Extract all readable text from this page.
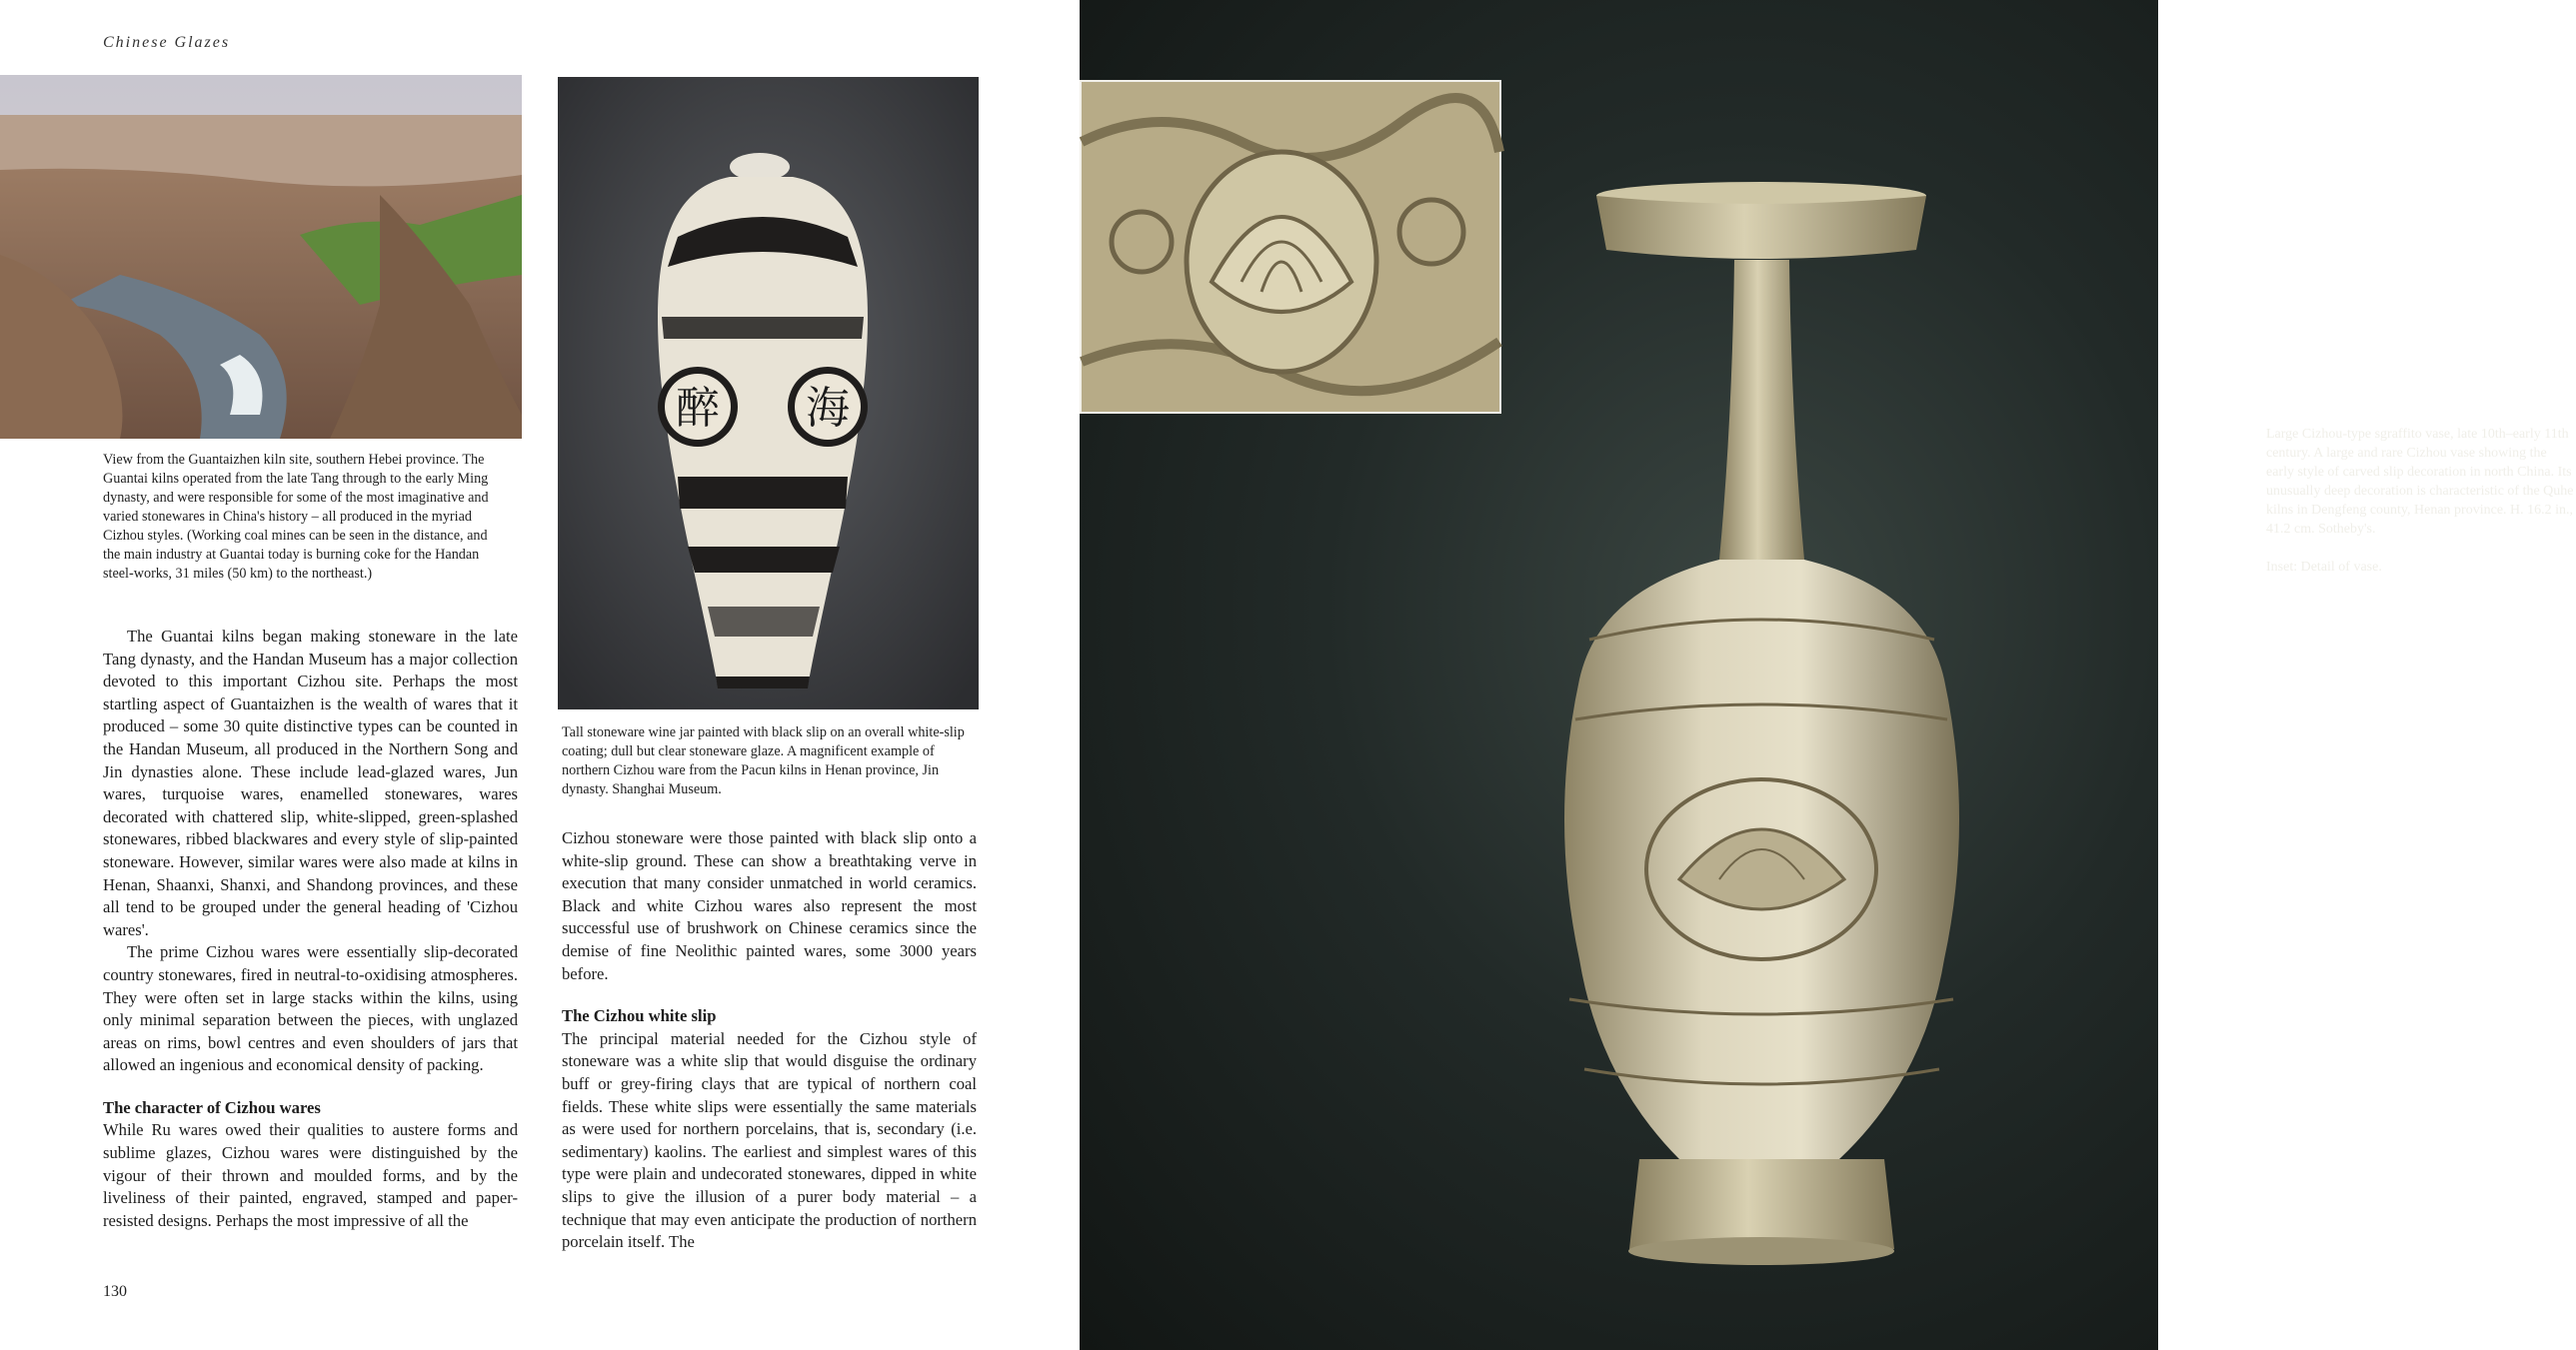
Chinese Glazes
View from the Guantaizhen kiln site, southern Hebei province. The Guantai kilns operated from the late Tang through to the early Ming dynasty, and were responsible for some of the most imaginative and varied stonewares in China's history – all produced in the myriad Cizhou styles. (Working coal mines can be seen in the distance, and the main industry at Guantai today is burning coke for the Handan steel-works, 31 miles (50 km) to the northeast.)
醉 海
Tall stoneware wine jar painted with black slip on an overall white-slip coating; dull but clear stoneware glaze. A magnificent example of northern Cizhou ware from the Pacun kilns in Henan province, Jin dynasty. Shanghai Museum.

The Guantai kilns began making stoneware in the late Tang dynasty, and the Handan Museum has a major collection devoted to this important Cizhou site. Perhaps the most startling aspect of Guantaizhen is the wealth of wares that it produced – some 30 quite distinctive types can be counted in the Handan Museum, all produced in the Northern Song and Jin dynasties alone. These include lead-glazed wares, Jun wares, turquoise wares, enamelled stonewares, wares decorated with chattered slip, white-slipped, green-splashed stonewares, ribbed blackwares and every style of slip-painted stoneware. However, similar wares were also made at kilns in Henan, Shaanxi, Shanxi, and Shandong provinces, and these all tend to be grouped under the general heading of 'Cizhou wares'.

The prime Cizhou wares were essentially slip-decorated country stonewares, fired in neutral-to-oxidising atmospheres. They were often set in large stacks within the kilns, using only minimal separation between the pieces, with unglazed areas on rims, bowl centres and even shoulders of jars that allowed an ingenious and economical density of packing.

The character of Cizhou wares

While Ru wares owed their qualities to austere forms and sublime glazes, Cizhou wares were distinguished by the vigour of their thrown and moulded forms, and by the liveliness of their painted, engraved, stamped and paper-resisted designs. Perhaps the most impressive of all the

Cizhou stoneware were those painted with black slip onto a white-slip ground. These can show a breathtaking verve in execution that many consider unmatched in world ceramics. Black and white Cizhou wares also represent the most successful use of brushwork on Chinese ceramics since the demise of fine Neolithic painted wares, some 3000 years before.

The Cizhou white slip

The principal material needed for the Cizhou style of stoneware was a white slip that would disguise the ordinary buff or grey-firing clays that are typical of northern coal fields. These white slips were essentially the same materials as were used for northern porcelains, that is, secondary (i.e. sedimentary) kaolins. The earliest and simplest wares of this type were plain and undecorated stonewares, dipped in white slips to give the illusion of a purer body material – a technique that may even anticipate the production of northern porcelain itself. The

130

Large Cizhou-type sgraffito vase, late 10th–early 11th century. A large and rare Cizhou vase showing the early style of carved slip decoration in north China. Its unusually deep decoration is characteristic of the Quhe kilns in Dengfeng county, Henan province. H. 16.2 in., 41.2 cm. Sotheby's.

Inset: Detail of vase.
